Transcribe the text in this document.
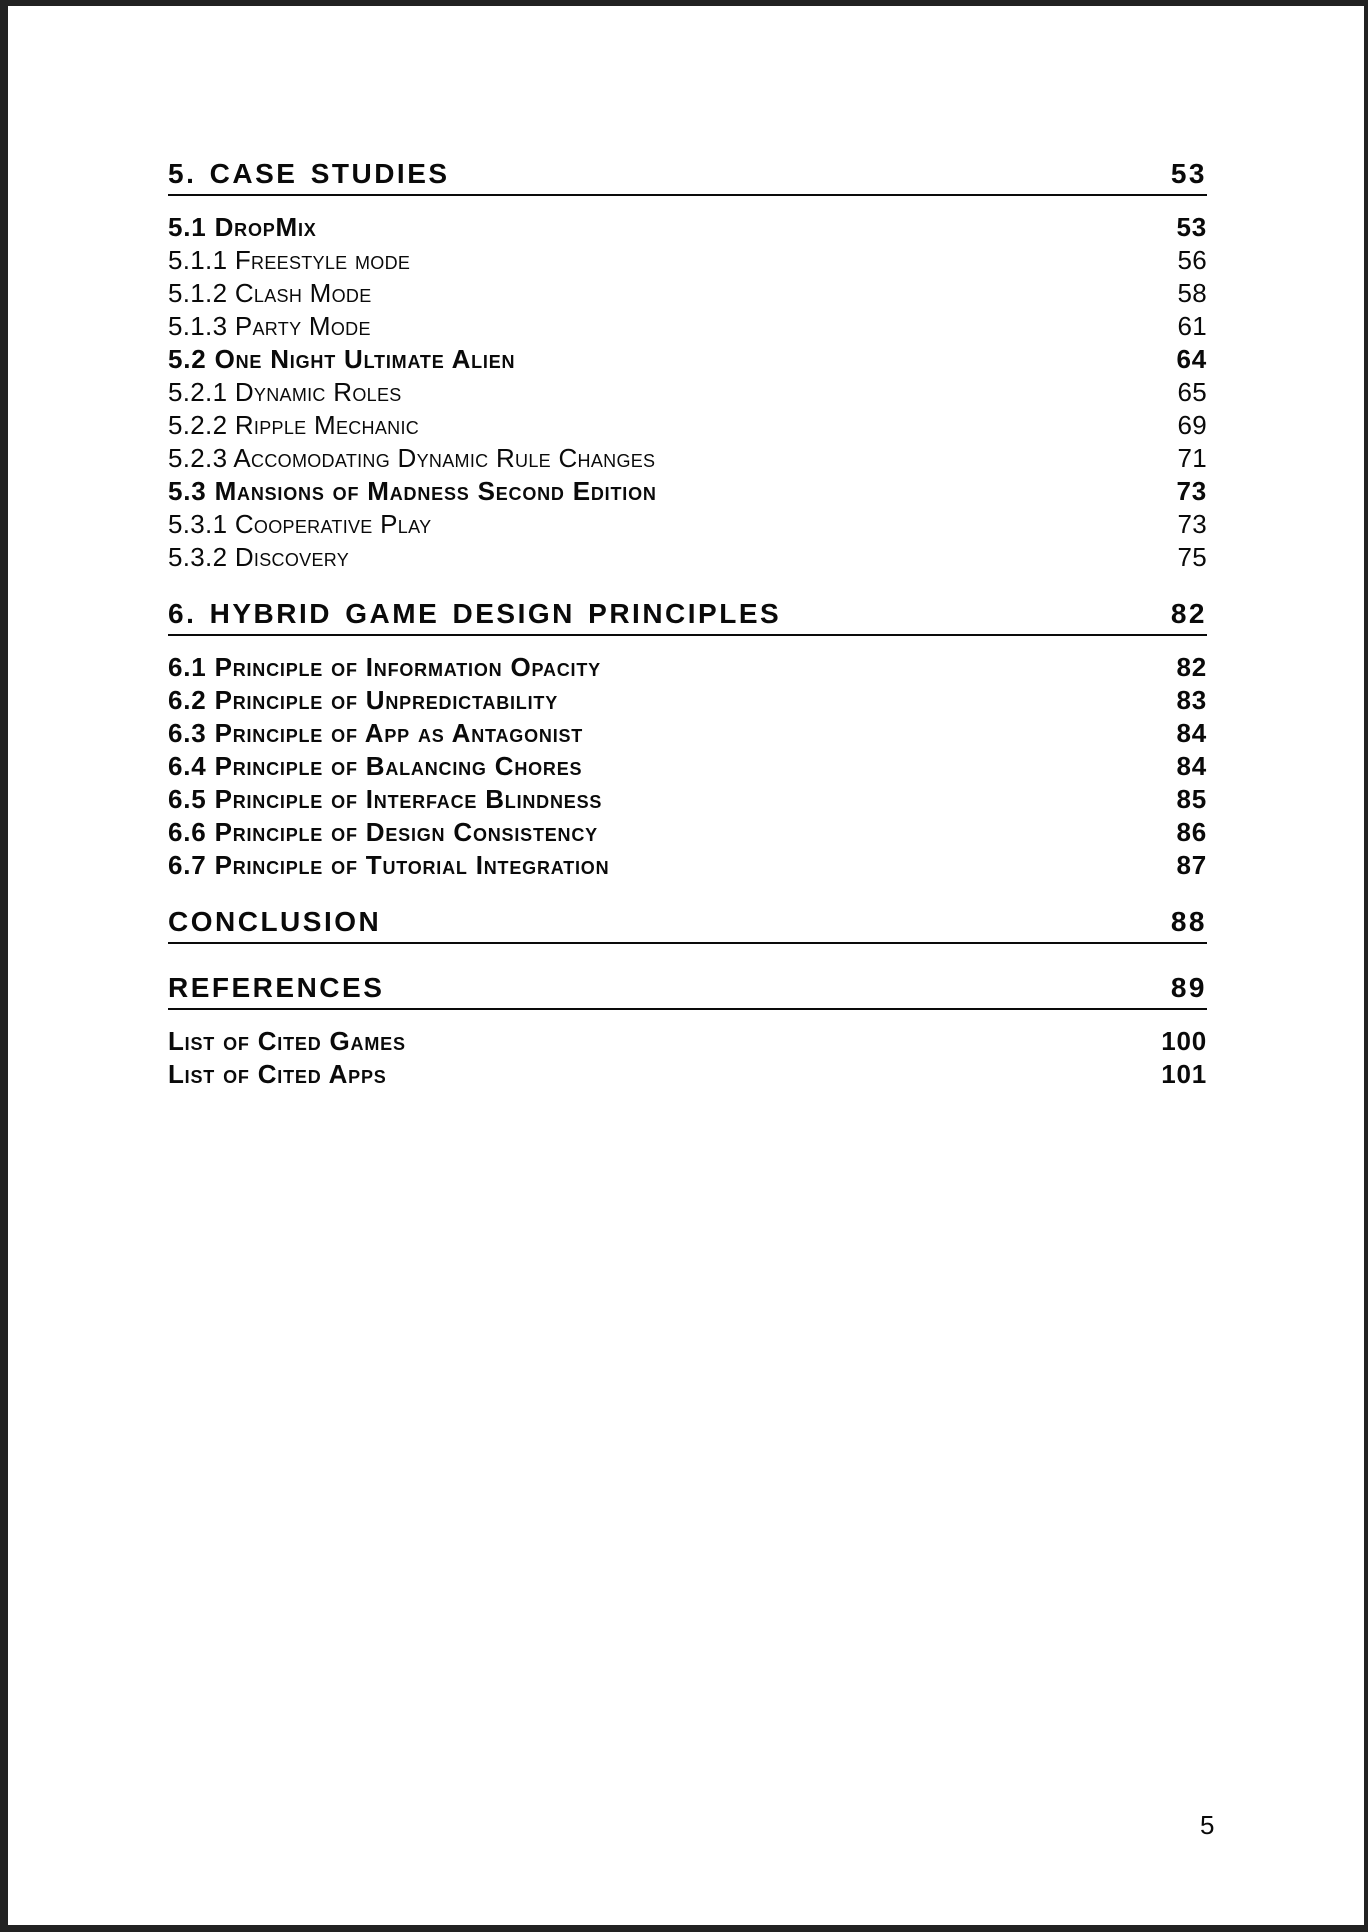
5. CASE STUDIES	53
5.1 DropMix	53
5.1.1 Freestyle mode	56
5.1.2 Clash Mode	58
5.1.3 Party Mode	61
5.2 One Night Ultimate Alien	64
5.2.1 Dynamic Roles	65
5.2.2 Ripple Mechanic	69
5.2.3 Accomodating Dynamic Rule Changes	71
5.3 Mansions of Madness Second Edition	73
5.3.1 Cooperative Play	73
5.3.2 Discovery	75
6. HYBRID GAME DESIGN PRINCIPLES	82
6.1 Principle of Information Opacity	82
6.2 Principle of Unpredictability	83
6.3 Principle of App as Antagonist	84
6.4 Principle of Balancing Chores	84
6.5 Principle of Interface Blindness	85
6.6 Principle of Design Consistency	86
6.7 Principle of Tutorial Integration	87
CONCLUSION	88
REFERENCES	89
List of Cited Games	100
List of Cited Apps	101
5
